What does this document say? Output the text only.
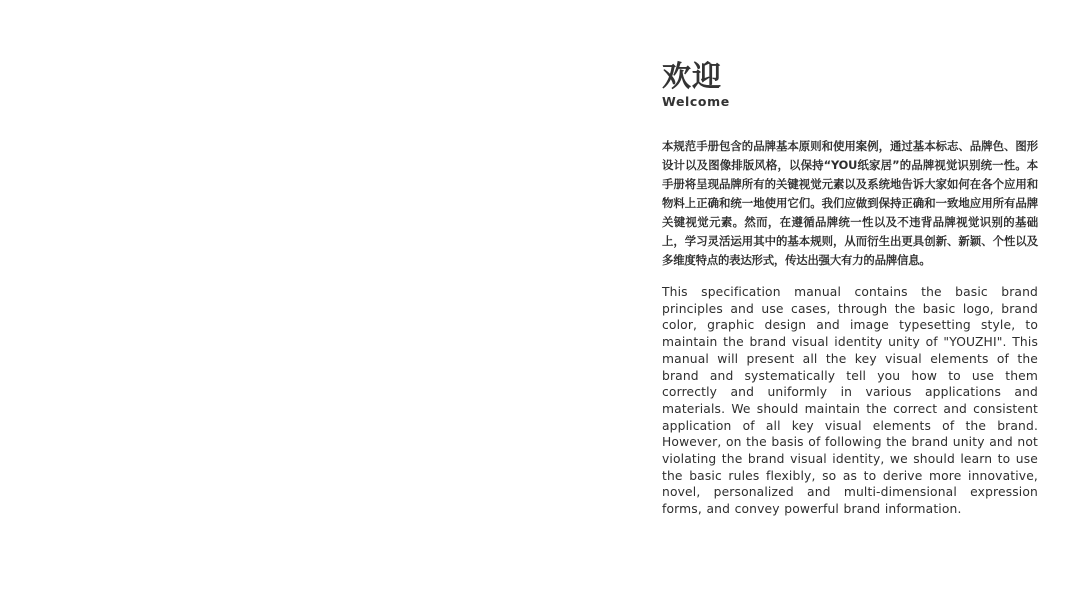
欢迎
Welcome

本规范手册包含的品牌基本原则和使用案例，通过基本标志、品牌色、图形设计以及图像排版风格，以保持“YOU纸家居”的品牌视觉识别统一性。本手册将呈现品牌所有的关键视觉元素以及系统地告诉大家如何在各个应用和物料上正确和统一地使用它们。我们应做到保持正确和一致地应用所有品牌关键视觉元素。然而，在遵循品牌统一性以及不违背品牌视觉识别的基础上，学习灵活运用其中的基本规则，从而衍生出更具创新、新颖、个性以及多维度特点的表达形式，传达出强大有力的品牌信息。

This specification manual contains the basic brand principles and use cases, through the basic logo, brand color, graphic design and image typesetting style, to maintain the brand visual identity unity of "YOUZHI". This manual will present all the key visual elements of the brand and systematically tell you how to use them correctly and uniformly in various applications and materials. We should maintain the correct and consistent application of all key visual elements of the brand. However, on the basis of following the brand unity and not violating the brand visual identity, we should learn to use the basic rules flexibly, so as to derive more innovative, novel, personalized and multi-dimensional expression forms, and convey powerful brand information.
